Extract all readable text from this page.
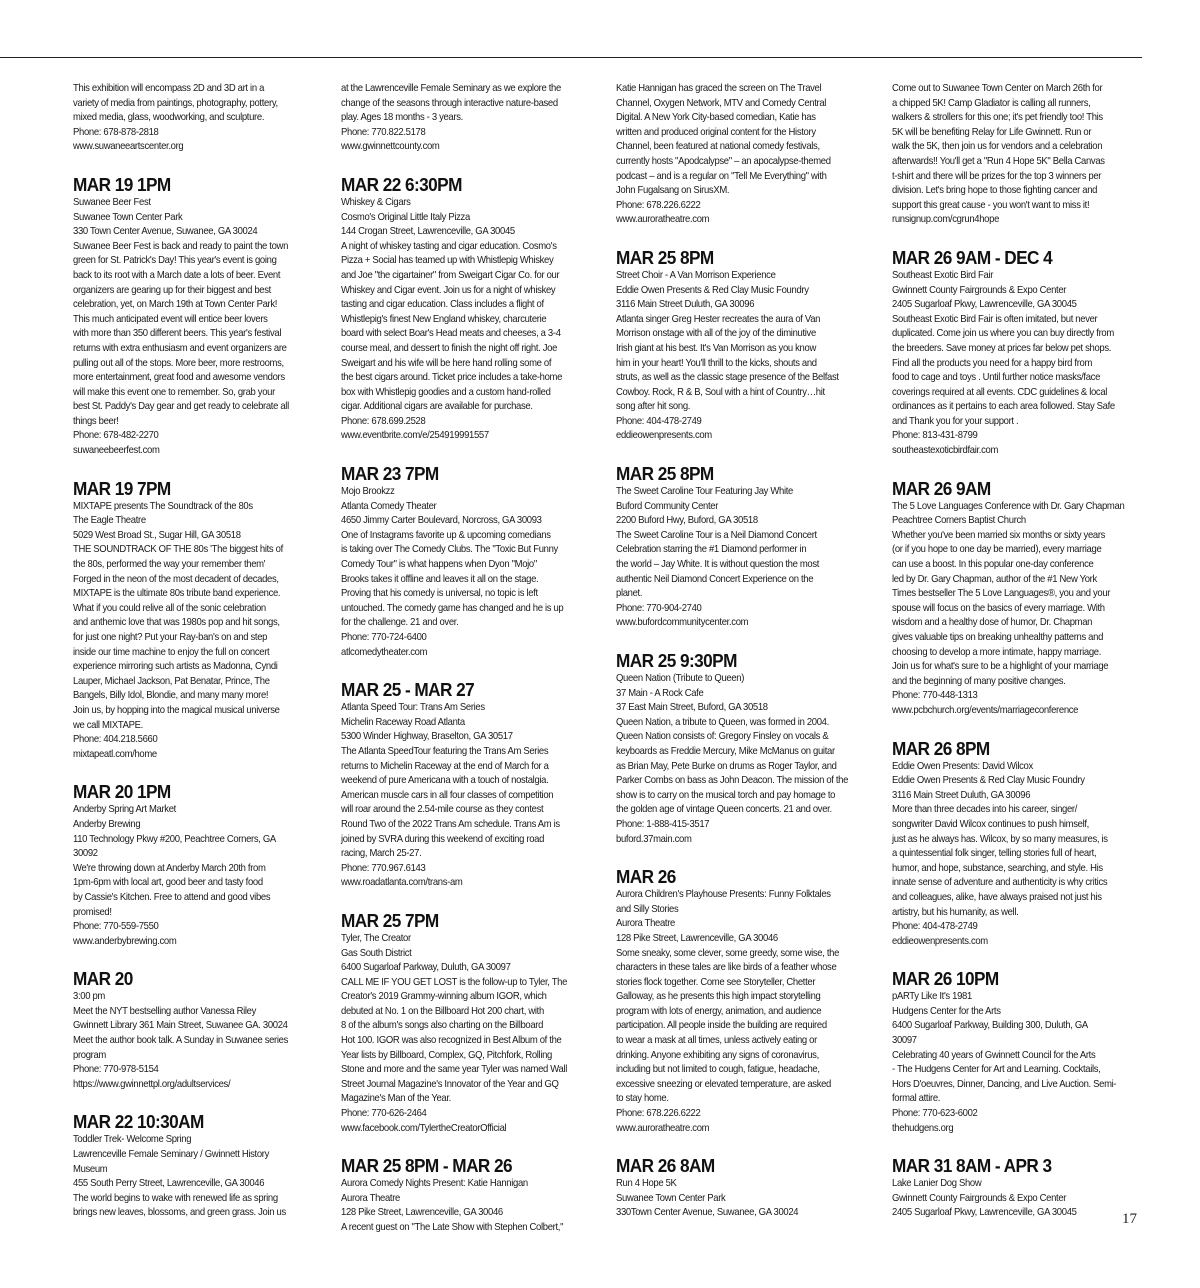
This exhibition will encompass 2D and 3D art in a
variety of media from paintings, photography, pottery,
mixed media, glass, woodworking, and sculpture.
Phone: 678-878-2818
www.suwaneeartscenter.org
MAR 19 1PM
Suwanee Beer Fest
Suwanee Town Center Park
330 Town Center Avenue, Suwanee, GA 30024
Suwanee Beer Fest is back and ready to paint the town
green for St. Patrick's Day! This year's event is going
back to its root with a March date a lots of beer. Event
organizers are gearing up for their biggest and best
celebration, yet, on March 19th at Town Center Park!
This much anticipated event will entice beer lovers
with more than 350 different beers. This year's festival
returns with extra enthusiasm and event organizers are
pulling out all of the stops. More beer, more restrooms,
more entertainment, great food and awesome vendors
will make this event one to remember. So, grab your
best St. Paddy's Day gear and get ready to celebrate all
things beer!
Phone: 678-482-2270
suwaneebeerfest.com
MAR 19 7PM
MIXTAPE presents The Soundtrack of the 80s
The Eagle Theatre
5029 West Broad St., Sugar Hill, GA 30518
THE SOUNDTRACK OF THE 80s 'The biggest hits of
the 80s, performed the way your remember them'
Forged in the neon of the most decadent of decades,
MIXTAPE is the ultimate 80s tribute band experience.
What if you could relive all of the sonic celebration
and anthemic love that was 1980s pop and hit songs,
for just one night? Put your Ray-ban's on and step
inside our time machine to enjoy the full on concert
experience mirroring such artists as Madonna, Cyndi
Lauper, Michael Jackson, Pat Benatar, Prince, The
Bangels, Billy Idol, Blondie, and many many more!
Join us, by hopping into the magical musical universe
we call MIXTAPE.
Phone: 404.218.5660
mixtapeatl.com/home
MAR 20 1PM
Anderby Spring Art Market
Anderby Brewing
110 Technology Pkwy #200, Peachtree Corners, GA
30092
We're throwing down at Anderby March 20th from
1pm-6pm with local art, good beer and tasty food
by Cassie's Kitchen. Free to attend and good vibes
promised!
Phone: 770-559-7550
www.anderbybrewing.com
MAR 20
3:00 pm
Meet the NYT bestselling author Vanessa Riley
Gwinnett Library 361 Main Street, Suwanee GA. 30024
Meet the author book talk. A Sunday in Suwanee series
program
Phone: 770-978-5154
https://www.gwinnettpl.org/adultservices/
MAR 22 10:30AM
Toddler Trek- Welcome Spring
Lawrenceville Female Seminary / Gwinnett History
Museum
455 South Perry Street, Lawrenceville, GA 30046
The world begins to wake with renewed life as spring
brings new leaves, blossoms, and green grass. Join us
at the Lawrenceville Female Seminary as we explore the
change of the seasons through interactive nature-based
play. Ages 18 months - 3 years.
Phone: 770.822.5178
www.gwinnettcounty.com
MAR 22 6:30PM
Whiskey & Cigars
Cosmo's Original Little Italy Pizza
144 Crogan Street, Lawrenceville, GA 30045
A night of whiskey tasting and cigar education. Cosmo's
Pizza + Social has teamed up with Whistlepig Whiskey
and Joe "the cigartainer" from Sweigart Cigar Co. for our
Whiskey and Cigar event. Join us for a night of whiskey
tasting and cigar education. Class includes a flight of
Whistlepig's finest New England whiskey, charcuterie
board with select Boar's Head meats and cheeses, a 3-4
course meal, and dessert to finish the night off right. Joe
Sweigart and his wife will be here hand rolling some of
the best cigars around. Ticket price includes a take-home
box with Whistlepig goodies and a custom hand-rolled
cigar. Additional cigars are available for purchase.
Phone: 678.699.2528
www.eventbrite.com/e/254919991557
MAR 23 7PM
Mojo Brookzz
Atlanta Comedy Theater
4650 Jimmy Carter Boulevard, Norcross, GA 30093
One of Instagrams favorite up & upcoming comedians
is taking over The Comedy Clubs. The "Toxic But Funny
Comedy Tour" is what happens when Dyon "Mojo"
Brooks takes it offline and leaves it all on the stage.
Proving that his comedy is universal, no topic is left
untouched. The comedy game has changed and he is up
for the challenge. 21 and over.
Phone: 770-724-6400
atlcomedytheater.com
MAR 25 - MAR 27
Atlanta Speed Tour: Trans Am Series
Michelin Raceway Road Atlanta
5300 Winder Highway, Braselton, GA 30517
The Atlanta SpeedTour featuring the Trans Am Series
returns to Michelin Raceway at the end of March for a
weekend of pure Americana with a touch of nostalgia.
American muscle cars in all four classes of competition
will roar around the 2.54-mile course as they contest
Round Two of the 2022 Trans Am schedule. Trans Am is
joined by SVRA during this weekend of exciting road
racing, March 25-27.
Phone: 770.967.6143
www.roadatlanta.com/trans-am
MAR 25 7PM
Tyler, The Creator
Gas South District
6400 Sugarloaf Parkway, Duluth, GA 30097
CALL ME IF YOU GET LOST is the follow-up to Tyler, The
Creator's 2019 Grammy-winning album IGOR, which
debuted at No. 1 on the Billboard Hot 200 chart, with
8 of the album's songs also charting on the Billboard
Hot 100. IGOR was also recognized in Best Album of the
Year lists by Billboard, Complex, GQ, Pitchfork, Rolling
Stone and more and the same year Tyler was named Wall
Street Journal Magazine's Innovator of the Year and GQ
Magazine's Man of the Year.
Phone: 770-626-2464
www.facebook.com/TylertheCreatorOfficial
MAR 25 8PM - MAR 26
Aurora Comedy Nights Present: Katie Hannigan
Aurora Theatre
128 Pike Street, Lawrenceville, GA 30046
A recent guest on "The Late Show with Stephen Colbert,"
Katie Hannigan has graced the screen on The Travel
Channel, Oxygen Network, MTV and Comedy Central
Digital. A New York City-based comedian, Katie has
written and produced original content for the History
Channel, been featured at national comedy festivals,
currently hosts "Apodcalypse" – an apocalypse-themed
podcast – and is a regular on "Tell Me Everything" with
John Fugalsang on SirusXM.
Phone: 678.226.6222
www.auroratheatre.com
MAR 25 8PM
Street Choir - A Van Morrison Experience
Eddie Owen Presents & Red Clay Music Foundry
3116 Main Street Duluth, GA 30096
Atlanta singer Greg Hester recreates the aura of Van
Morrison onstage with all of the joy of the diminutive
Irish giant at his best. It's Van Morrison as you know
him in your heart! You'll thrill to the kicks, shouts and
struts, as well as the classic stage presence of the Belfast
Cowboy. Rock, R & B, Soul with a hint of Country…hit
song after hit song.
Phone: 404-478-2749
eddieowenpresents.com
MAR 25 8PM
The Sweet Caroline Tour Featuring Jay White
Buford Community Center
2200 Buford Hwy, Buford, GA 30518
The Sweet Caroline Tour is a Neil Diamond Concert
Celebration starring the #1 Diamond performer in
the world – Jay White. It is without question the most
authentic Neil Diamond Concert Experience on the
planet.
Phone: 770-904-2740
www.bufordcommunitycenter.com
MAR 25 9:30PM
Queen Nation (Tribute to Queen)
37 Main - A Rock Cafe
37 East Main Street, Buford, GA 30518
Queen Nation, a tribute to Queen, was formed in 2004.
Queen Nation consists of: Gregory Finsley on vocals &
keyboards as Freddie Mercury, Mike McManus on guitar
as Brian May, Pete Burke on drums as Roger Taylor, and
Parker Combs on bass as John Deacon. The mission of the
show is to carry on the musical torch and pay homage to
the golden age of vintage Queen concerts. 21 and over.
Phone: 1-888-415-3517
buford.37main.com
MAR 26
Aurora Children's Playhouse Presents: Funny Folktales
and Silly Stories
Aurora Theatre
128 Pike Street, Lawrenceville, GA 30046
Some sneaky, some clever, some greedy, some wise, the
characters in these tales are like birds of a feather whose
stories flock together. Come see Storyteller, Chetter
Galloway, as he presents this high impact storytelling
program with lots of energy, animation, and audience
participation. All people inside the building are required
to wear a mask at all times, unless actively eating or
drinking. Anyone exhibiting any signs of coronavirus,
including but not limited to cough, fatigue, headache,
excessive sneezing or elevated temperature, are asked
to stay home.
Phone: 678.226.6222
www.auroratheatre.com
MAR 26 8AM
Run 4 Hope 5K
Suwanee Town Center Park
330Town Center Avenue, Suwanee, GA 30024
Come out to Suwanee Town Center on March 26th for
a chipped 5K! Camp Gladiator is calling all runners,
walkers & strollers for this one; it's pet friendly too! This
5K will be benefiting Relay for Life Gwinnett. Run or
walk the 5K, then join us for vendors and a celebration
afterwards!! You'll get a "Run 4 Hope 5K" Bella Canvas
t-shirt and there will be prizes for the top 3 winners per
division. Let's bring hope to those fighting cancer and
support this great cause - you won't want to miss it!
runsignup.com/cgrun4hope
MAR 26 9AM - DEC 4
Southeast Exotic Bird Fair
Gwinnett County Fairgrounds & Expo Center
2405 Sugarloaf Pkwy, Lawrenceville, GA 30045
Southeast Exotic Bird Fair is often imitated, but never
duplicated. Come join us where you can buy directly from
the breeders. Save money at prices far below pet shops.
Find all the products you need for a happy bird from
food to cage and toys . Until further notice masks/face
coverings required at all events. CDC guidelines & local
ordinances as it pertains to each area followed. Stay Safe
and Thank you for your support .
Phone: 813-431-8799
southeastexoticbirdfair.com
MAR 26 9AM
The 5 Love Languages Conference with Dr. Gary Chapman
Peachtree Corners Baptist Church
Whether you've been married six months or sixty years
(or if you hope to one day be married), every marriage
can use a boost. In this popular one-day conference
led by Dr. Gary Chapman, author of the #1 New York
Times bestseller The 5 Love Languages®, you and your
spouse will focus on the basics of every marriage. With
wisdom and a healthy dose of humor, Dr. Chapman
gives valuable tips on breaking unhealthy patterns and
choosing to develop a more intimate, happy marriage.
Join us for what's sure to be a highlight of your marriage
and the beginning of many positive changes.
Phone: 770-448-1313
www.pcbchurch.org/events/marriageconference
MAR 26 8PM
Eddie Owen Presents: David Wilcox
Eddie Owen Presents & Red Clay Music Foundry
3116 Main Street Duluth, GA 30096
More than three decades into his career, singer/
songwriter David Wilcox continues to push himself,
just as he always has. Wilcox, by so many measures, is
a quintessential folk singer, telling stories full of heart,
humor, and hope, substance, searching, and style. His
innate sense of adventure and authenticity is why critics
and colleagues, alike, have always praised not just his
artistry, but his humanity, as well.
Phone: 404-478-2749
eddieowenpresents.com
MAR 26 10PM
pARTy Like It's 1981
Hudgens Center for the Arts
6400 Sugarloaf Parkway, Building 300, Duluth, GA
30097
Celebrating 40 years of Gwinnett Council for the Arts
- The Hudgens Center for Art and Learning. Cocktails,
Hors D'oeuvres, Dinner, Dancing, and Live Auction. Semi-
formal attire.
Phone: 770-623-6002
thehudgens.org
MAR 31 8AM - APR 3
Lake Lanier Dog Show
Gwinnett County Fairgrounds & Expo Center
2405 Sugarloaf Pkwy, Lawrenceville, GA 30045	17
